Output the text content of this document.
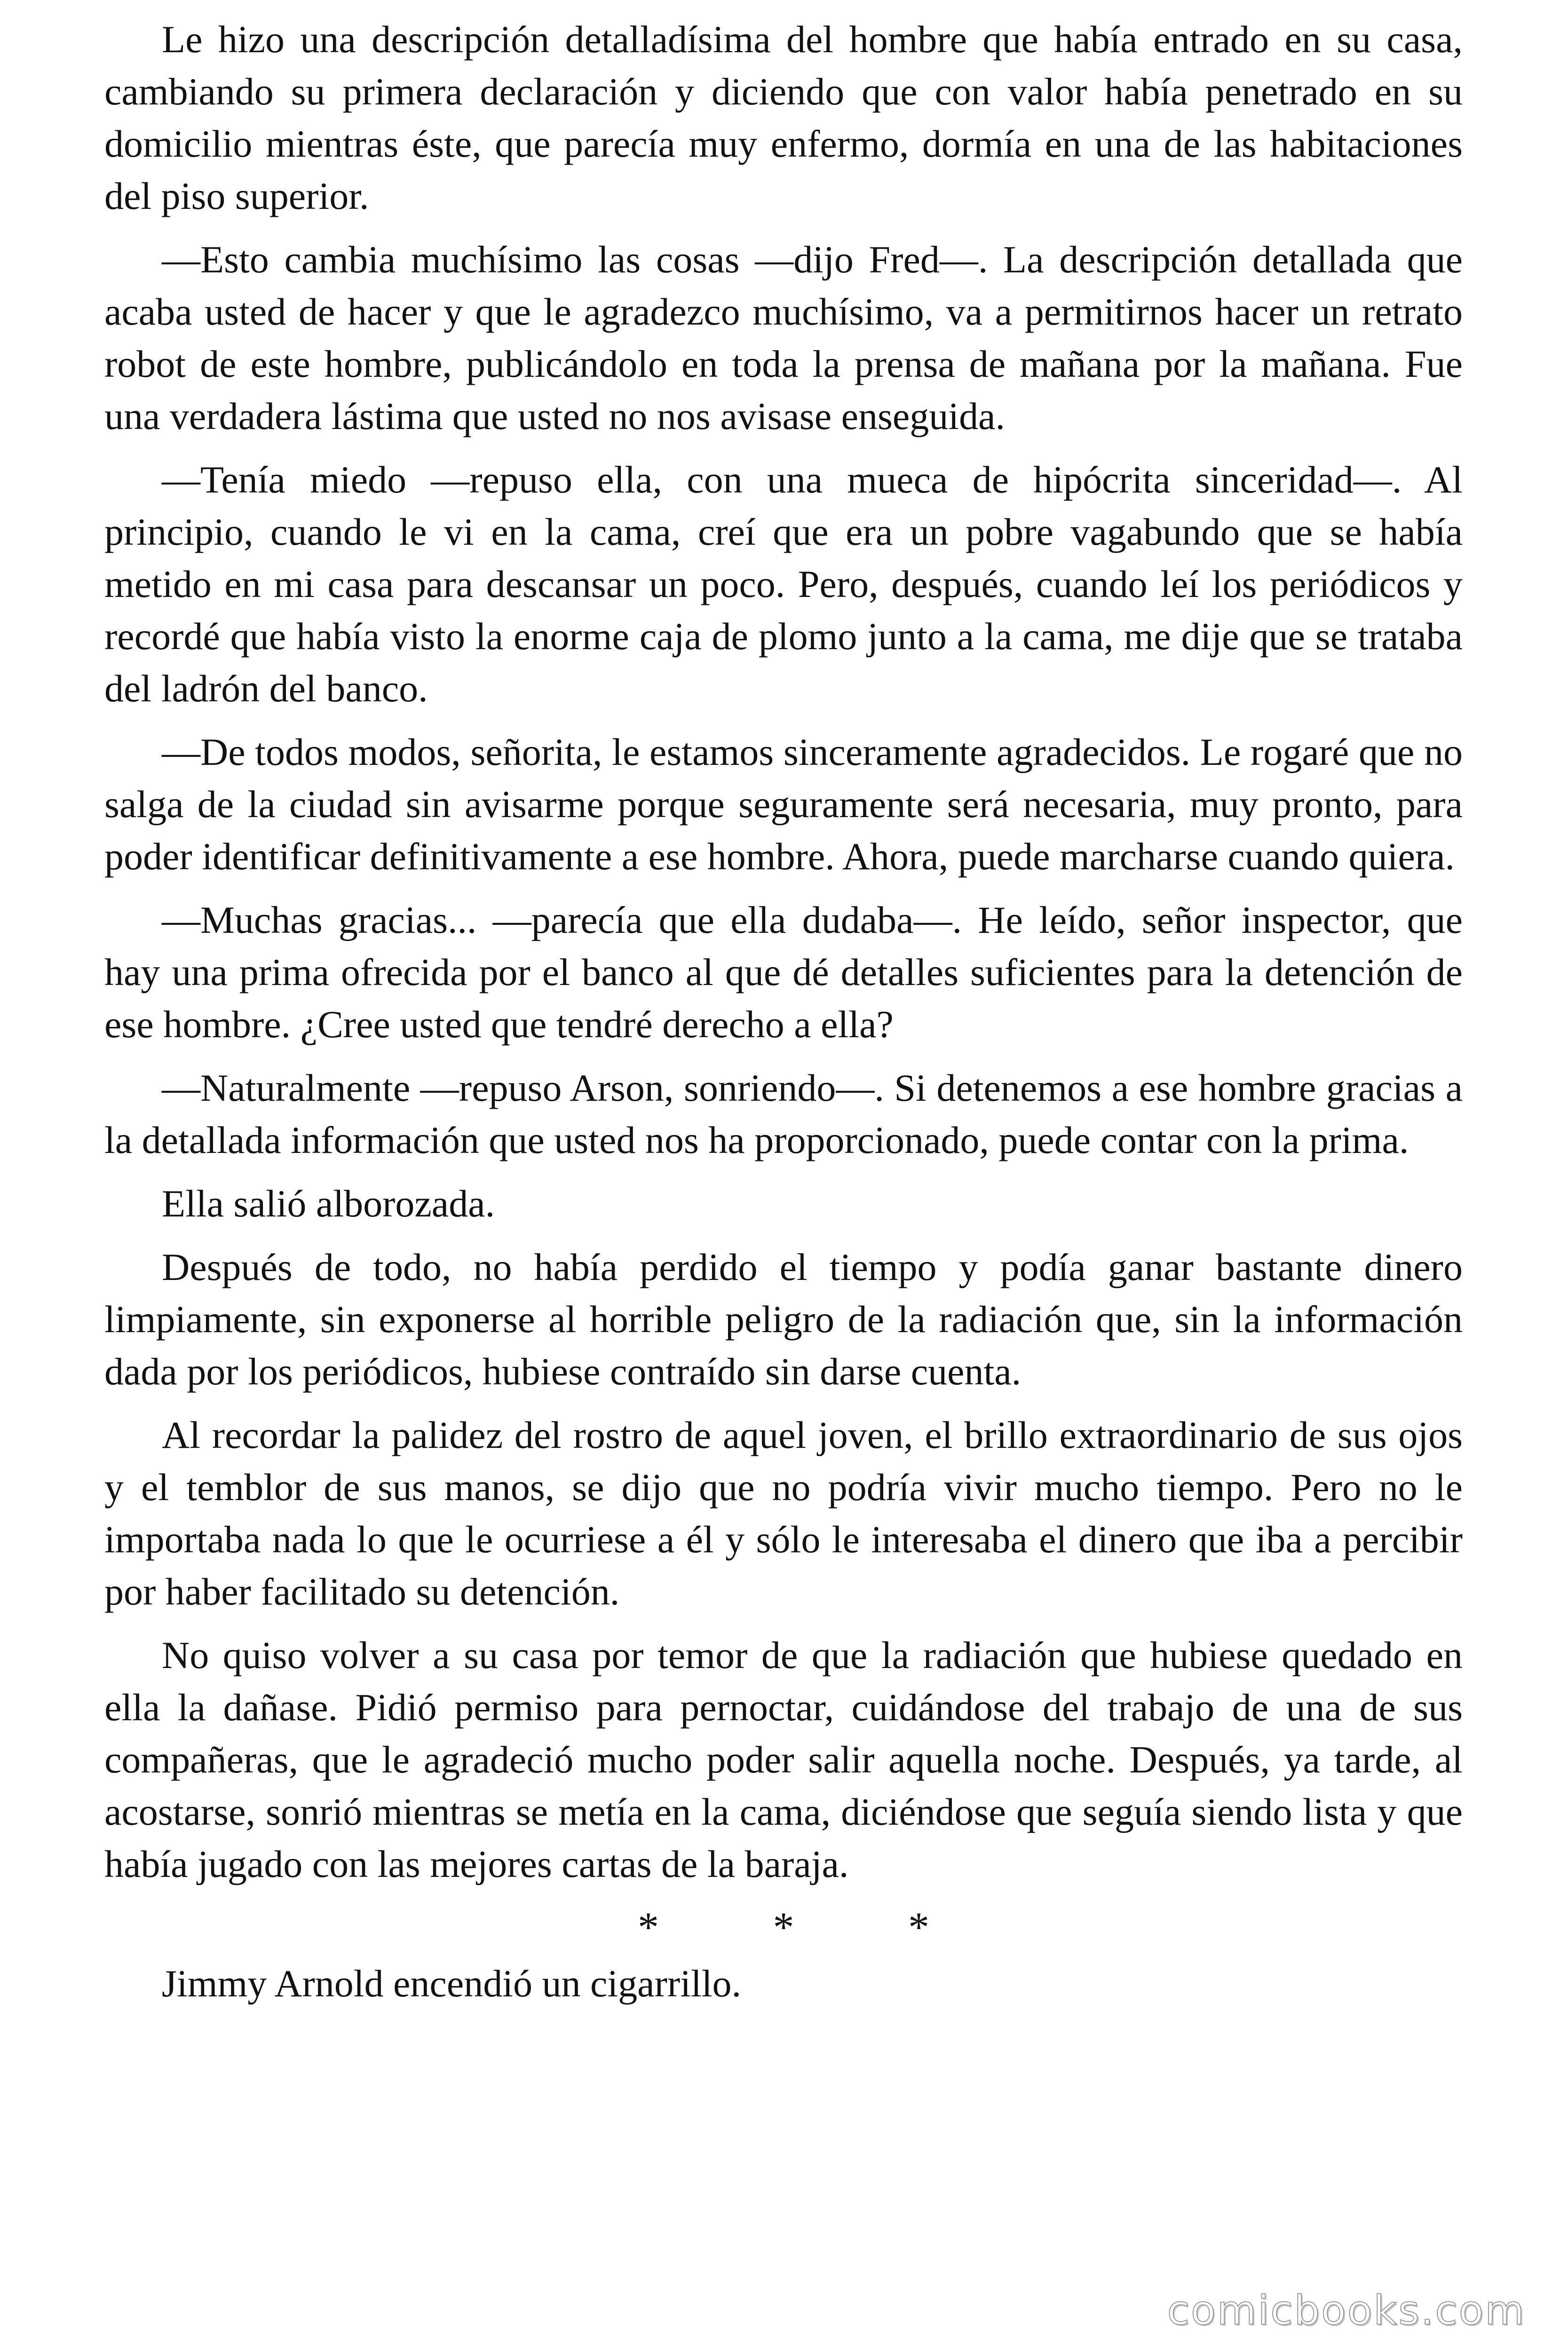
Le hizo una descripción detalladísima del hombre que había entrado en su casa, cambiando su primera declaración y diciendo que con valor había penetrado en su domicilio mientras éste, que parecía muy enfermo, dormía en una de las habitaciones del piso superior.

—Esto cambia muchísimo las cosas —dijo Fred—. La descripción detallada que acaba usted de hacer y que le agradezco muchísimo, va a permitirnos hacer un retrato robot de este hombre, publicándolo en toda la prensa de mañana por la mañana. Fue una verdadera lástima que usted no nos avisase enseguida.

—Tenía miedo —repuso ella, con una mueca de hipócrita sinceridad—. Al principio, cuando le vi en la cama, creí que era un pobre vagabundo que se había metido en mi casa para descansar un poco. Pero, después, cuando leí los periódicos y recordé que había visto la enorme caja de plomo junto a la cama, me dije que se trataba del ladrón del banco.

—De todos modos, señorita, le estamos sinceramente agradecidos. Le rogaré que no salga de la ciudad sin avisarme porque seguramente será necesaria, muy pronto, para poder identificar definitivamente a ese hombre. Ahora, puede marcharse cuando quiera.

—Muchas gracias... —parecía que ella dudaba—. He leído, señor inspector, que hay una prima ofrecida por el banco al que dé detalles suficientes para la detención de ese hombre. ¿Cree usted que tendré derecho a ella?

—Naturalmente —repuso Arson, sonriendo—. Si detenemos a ese hombre gracias a la detallada información que usted nos ha proporcionado, puede contar con la prima.

Ella salió alborozada.

Después de todo, no había perdido el tiempo y podía ganar bastante dinero limpiamente, sin exponerse al horrible peligro de la radiación que, sin la información dada por los periódicos, hubiese contraído sin darse cuenta.

Al recordar la palidez del rostro de aquel joven, el brillo extraordinario de sus ojos y el temblor de sus manos, se dijo que no podría vivir mucho tiempo. Pero no le importaba nada lo que le ocurriese a él y sólo le interesaba el dinero que iba a percibir por haber facilitado su detención.

No quiso volver a su casa por temor de que la radiación que hubiese quedado en ella la dañase. Pidió permiso para pernoctar, cuidándose del trabajo de una de sus compañeras, que le agradeció mucho poder salir aquella noche. Después, ya tarde, al acostarse, sonrió mientras se metía en la cama, diciéndose que seguía siendo lista y que había jugado con las mejores cartas de la baraja.

* * *

Jimmy Arnold encendió un cigarrillo.

comicbooks.com
